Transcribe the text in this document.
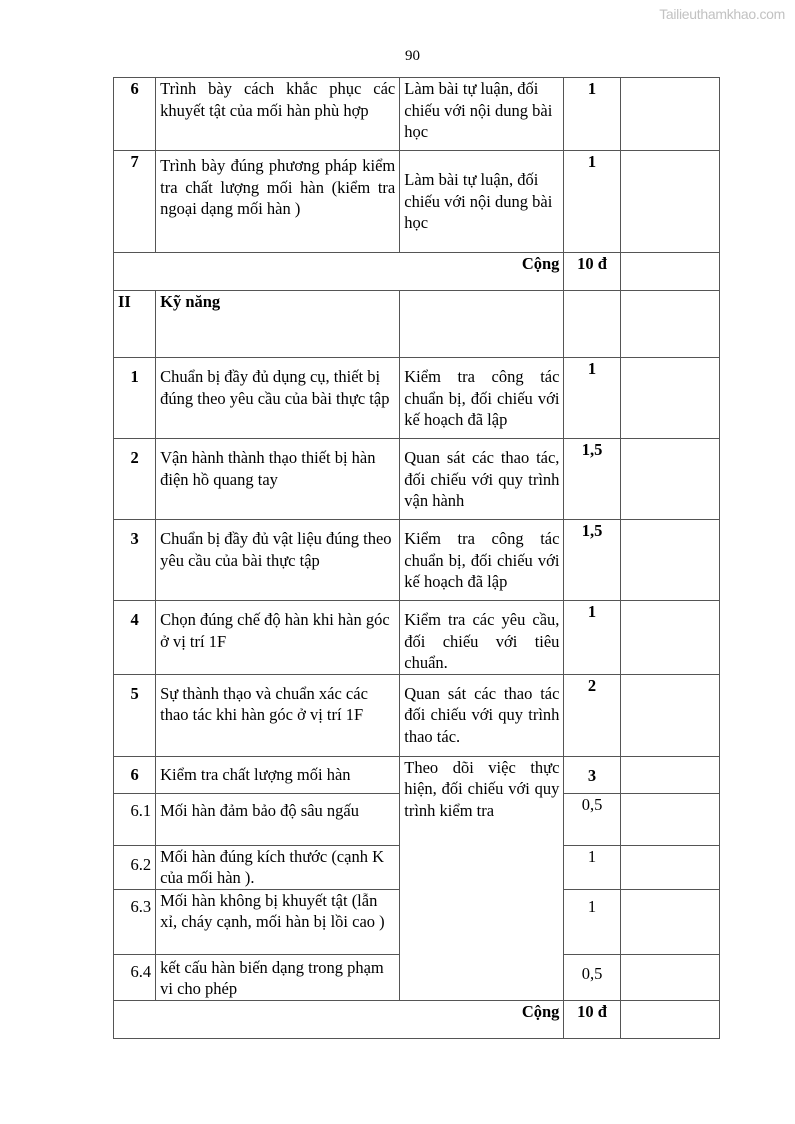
Tailieuthamkhao.com
90
6	Trình bày cách khắc phục các khuyết tật của mối hàn phù hợp	Làm bài tự luận, đối chiếu với nội dung bài học	1	
7	Trình bày đúng phương pháp kiểm tra chất lượng mối hàn (kiểm tra ngoại dạng mối hàn )	Làm bài tự luận, đối chiếu với nội dung bài học	1	
Cộng			10 đ	
II	Kỹ năng			
1	Chuẩn bị đầy đủ dụng cụ, thiết bị đúng theo yêu cầu của bài thực tập	Kiểm tra công tác chuẩn bị, đối chiếu với kế hoạch đã lập	1	
2	Vận hành thành thạo thiết bị hàn điện hồ quang tay	Quan sát các thao tác, đối chiếu với quy trình vận hành	1,5	
3	Chuẩn bị đầy đủ vật liệu đúng theo yêu cầu của bài thực tập	Kiểm tra công tác chuẩn bị, đối chiếu với kế hoạch đã lập	1,5	
4	Chọn đúng chế độ hàn khi hàn góc ở vị trí 1F	Kiểm tra các yêu cầu, đối chiếu với tiêu chuẩn.	1	
5	Sự thành thạo và chuẩn xác các thao tác khi hàn góc ở vị trí 1F	Quan sát các thao tác đối chiếu với quy trình thao tác.	2	
6	Kiểm tra chất lượng mối hàn	Theo dõi việc thực hiện, đối chiếu với quy trình kiểm tra	3	
6.1	Mối hàn đảm bảo độ sâu ngấu		0,5	
6.2	Mối hàn đúng kích thước (cạnh K của mối hàn ).		1	
6.3	Mối hàn không bị khuyết tật (lẫn xỉ, cháy cạnh, mối hàn bị lồi cao )		1	
6.4	kết cấu hàn biến dạng trong phạm vi cho phép		0,5	
Cộng			10 đ	
